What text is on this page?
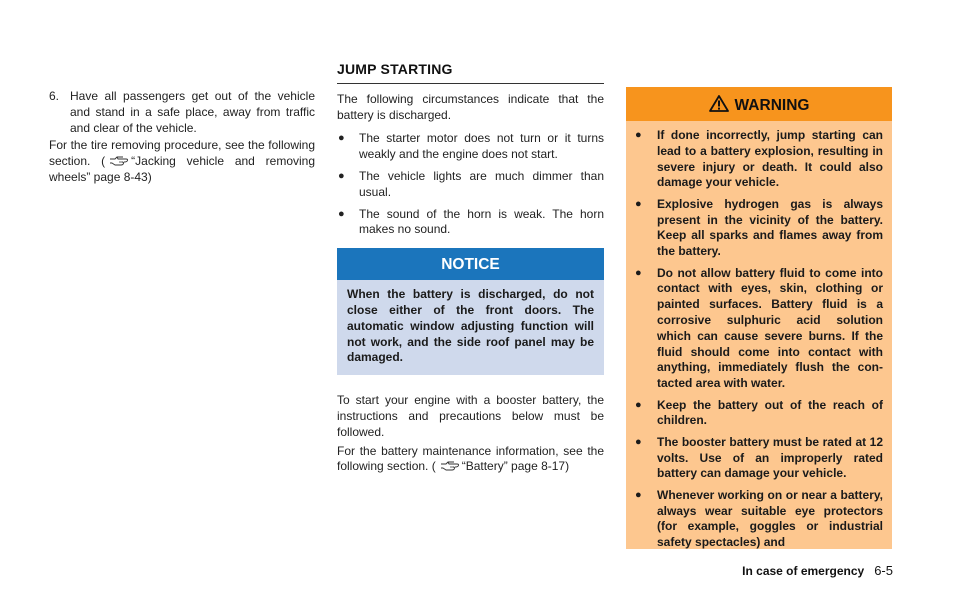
6. Have all passengers get out of the vehicle and stand in a safe place, away from traffic and clear of the vehicle.

For the tire removing procedure, see the following section. ( “Jacking vehicle and removing wheels” page 8-43)

JUMP STARTING

The following circumstances indicate that the battery is discharged.

● The starter motor does not turn or it turns weakly and the engine does not start.
● The vehicle lights are much dimmer than usual.
● The sound of the horn is weak. The horn makes no sound.
NOTICE
When the battery is discharged, do not close either of the front doors. The automatic window adjusting function will not work, and the side roof panel may be damaged.

To start your engine with a booster battery, the instructions and precautions below must be followed.

For the battery maintenance information, see the following section. ( “Battery” page 8-17)

WARNING
● If done incorrectly, jump starting can lead to a battery explosion, resulting in severe injury or death. It could also damage your vehicle.
● Explosive hydrogen gas is always present in the vicinity of the battery. Keep all sparks and flames away from the battery.
● Do not allow battery fluid to come into contact with eyes, skin, clothing or painted surfaces. Battery fluid is a corrosive sulphuric acid solution which can cause severe burns. If the fluid should come into contact with anything, immediately flush the con-tacted area with water.
● Keep the battery out of the reach of children.
● The booster battery must be rated at 12 volts. Use of an improperly rated battery can damage your vehicle.
● Whenever working on or near a battery, always wear suitable eye protectors (for example, goggles or industrial safety spectacles) and
In case of emergency 6-5
